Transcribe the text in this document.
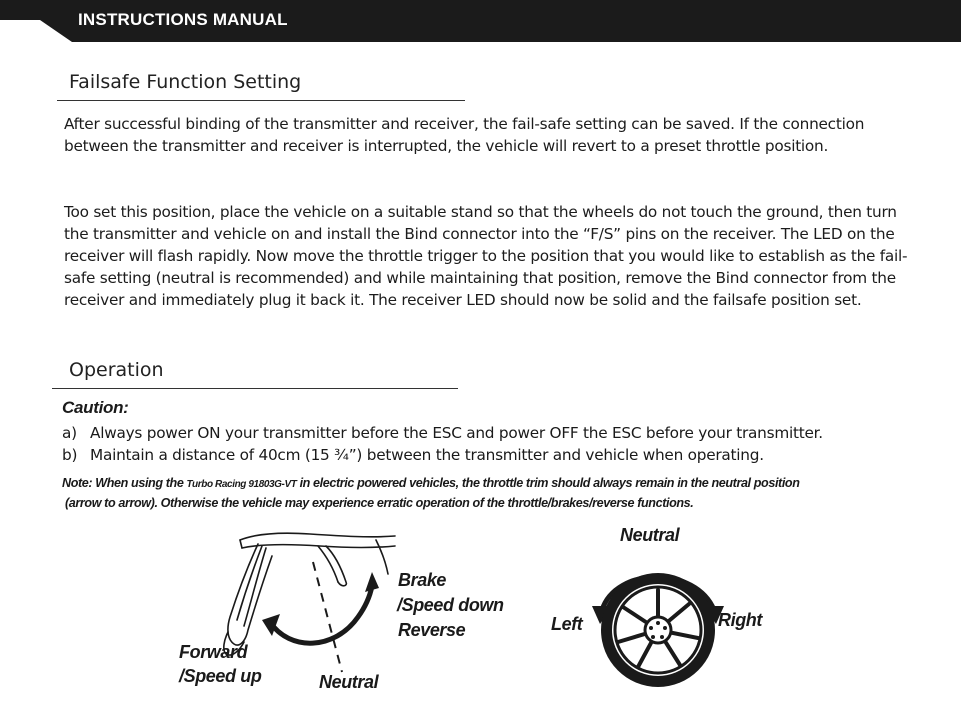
INSTRUCTIONS MANUAL
Failsafe Function Setting
After successful binding of the transmitter and receiver, the fail-safe setting can be saved. If the connection between the transmitter and receiver is interrupted, the vehicle will revert to a preset throttle position.
Too set this position, place the vehicle on a suitable stand so that the wheels do not touch the ground, then turn the transmitter and vehicle on and install the Bind connector into the “F/S” pins on the receiver. The LED on the receiver will flash rapidly. Now move the throttle trigger to the position that you would like to establish as the fail-safe setting (neutral is recommended) and while maintaining that position, remove the Bind connector from the receiver and immediately plug it back it. The receiver LED should now be solid and the failsafe position set.
Operation
Caution:
a) Always power ON your transmitter before the ESC and power OFF the ESC before your transmitter.
b) Maintain a distance of 40cm (15 ¾”) between the transmitter and vehicle when operating.
Note: When using the Turbo Racing 91803G-VT in electric powered vehicles, the throttle trim should always remain in the neutral position
(arrow to arrow). Otherwise the vehicle may experience erratic operation of the throttle/brakes/reverse functions.
Forward
/Speed up	Neutral
Brake
/Speed down
Reverse
Neutral
Left	Right
